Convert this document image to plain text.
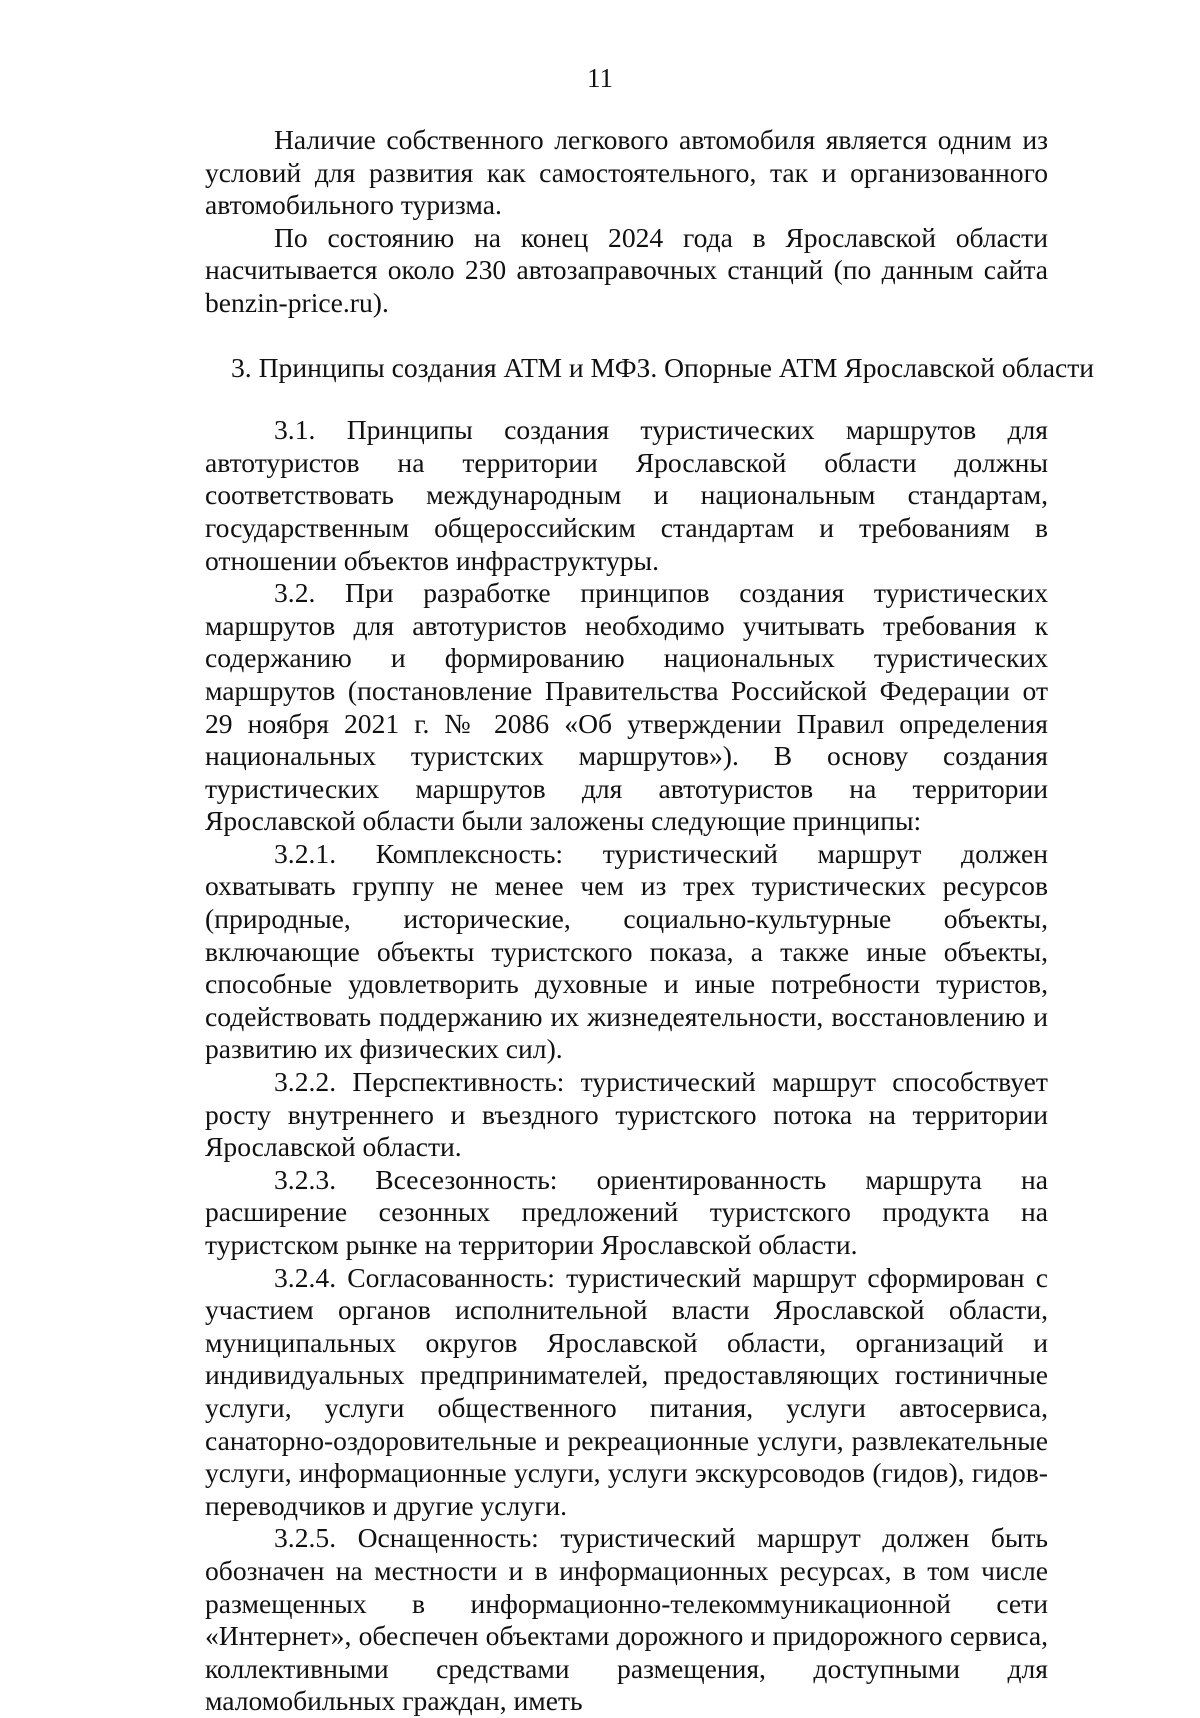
11

Наличие собственного легкового автомобиля является одним из условий для развития как самостоятельного, так и организованного автомобильного туризма.

По состоянию на конец 2024 года в Ярославской области насчитывается около 230 автозаправочных станций (по данным сайта benzin-price.ru).

3. Принципы создания АТМ и МФЗ. Опорные АТМ Ярославской области

3.1. Принципы создания туристических маршрутов для автотуристов на территории Ярославской области должны соответствовать международным и национальным стандартам, государственным общероссийским стандартам и требованиям в отношении объектов инфраструктуры.

3.2. При разработке принципов создания туристических маршрутов для автотуристов необходимо учитывать требования к содержанию и формированию национальных туристических маршрутов (постановление Правительства Российской Федерации от 29 ноября 2021 г. № 2086 «Об утверждении Правил определения национальных туристских маршрутов»). В основу создания туристических маршрутов для автотуристов на территории Ярославской области были заложены следующие принципы:

3.2.1. Комплексность: туристический маршрут должен охватывать группу не менее чем из трех туристических ресурсов (природные, исторические, социально-культурные объекты, включающие объекты туристского показа, а также иные объекты, способные удовлетворить духовные и иные потребности туристов, содействовать поддержанию их жизнедеятельности, восстановлению и развитию их физических сил).

3.2.2. Перспективность: туристический маршрут способствует росту внутреннего и въездного туристского потока на территории Ярославской области.

3.2.3. Всесезонность: ориентированность маршрута на расширение сезонных предложений туристского продукта на туристском рынке на территории Ярославской области.

3.2.4. Согласованность: туристический маршрут сформирован с участием органов исполнительной власти Ярославской области, муниципальных округов Ярославской области, организаций и индивидуальных предпринимателей, предоставляющих гостиничные услуги, услуги общественного питания, услуги автосервиса, санаторно-оздоровительные и рекреационные услуги, развлекательные услуги, информационные услуги, услуги экскурсоводов (гидов), гидов-переводчиков и другие услуги.

3.2.5. Оснащенность: туристический маршрут должен быть обозначен на местности и в информационных ресурсах, в том числе размещенных в информационно-телекоммуникационной сети «Интернет», обеспечен объектами дорожного и придорожного сервиса, коллективными средствами размещения, доступными для маломобильных граждан, иметь
